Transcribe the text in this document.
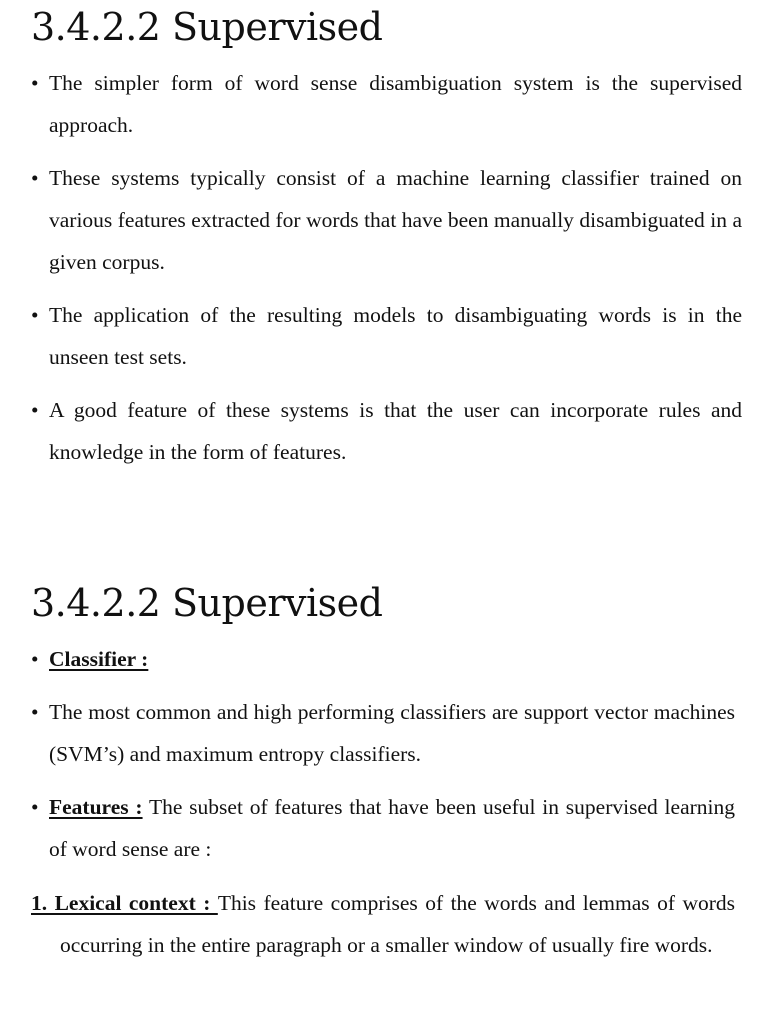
3.4.2.2 Supervised
• The simpler form of word sense disambiguation system is the supervised approach.
• These systems typically consist of a machine learning classifier trained on various features extracted for words that have been manually disambiguated in a given corpus.
• The application of the resulting models to disambiguating words is in the unseen test sets.
• A good feature of these systems is that the user can incorporate rules and knowledge in the form of features.
3.4.2.2 Supervised
• Classifier :
• The most common and high performing classifiers are support vector machines (SVM’s) and maximum entropy classifiers.
• Features : The subset of features that have been useful in supervised learning of word sense are :

1. Lexical context : This feature comprises of the words and lemmas of words occurring in the entire paragraph or a smaller window of usually fire words.
